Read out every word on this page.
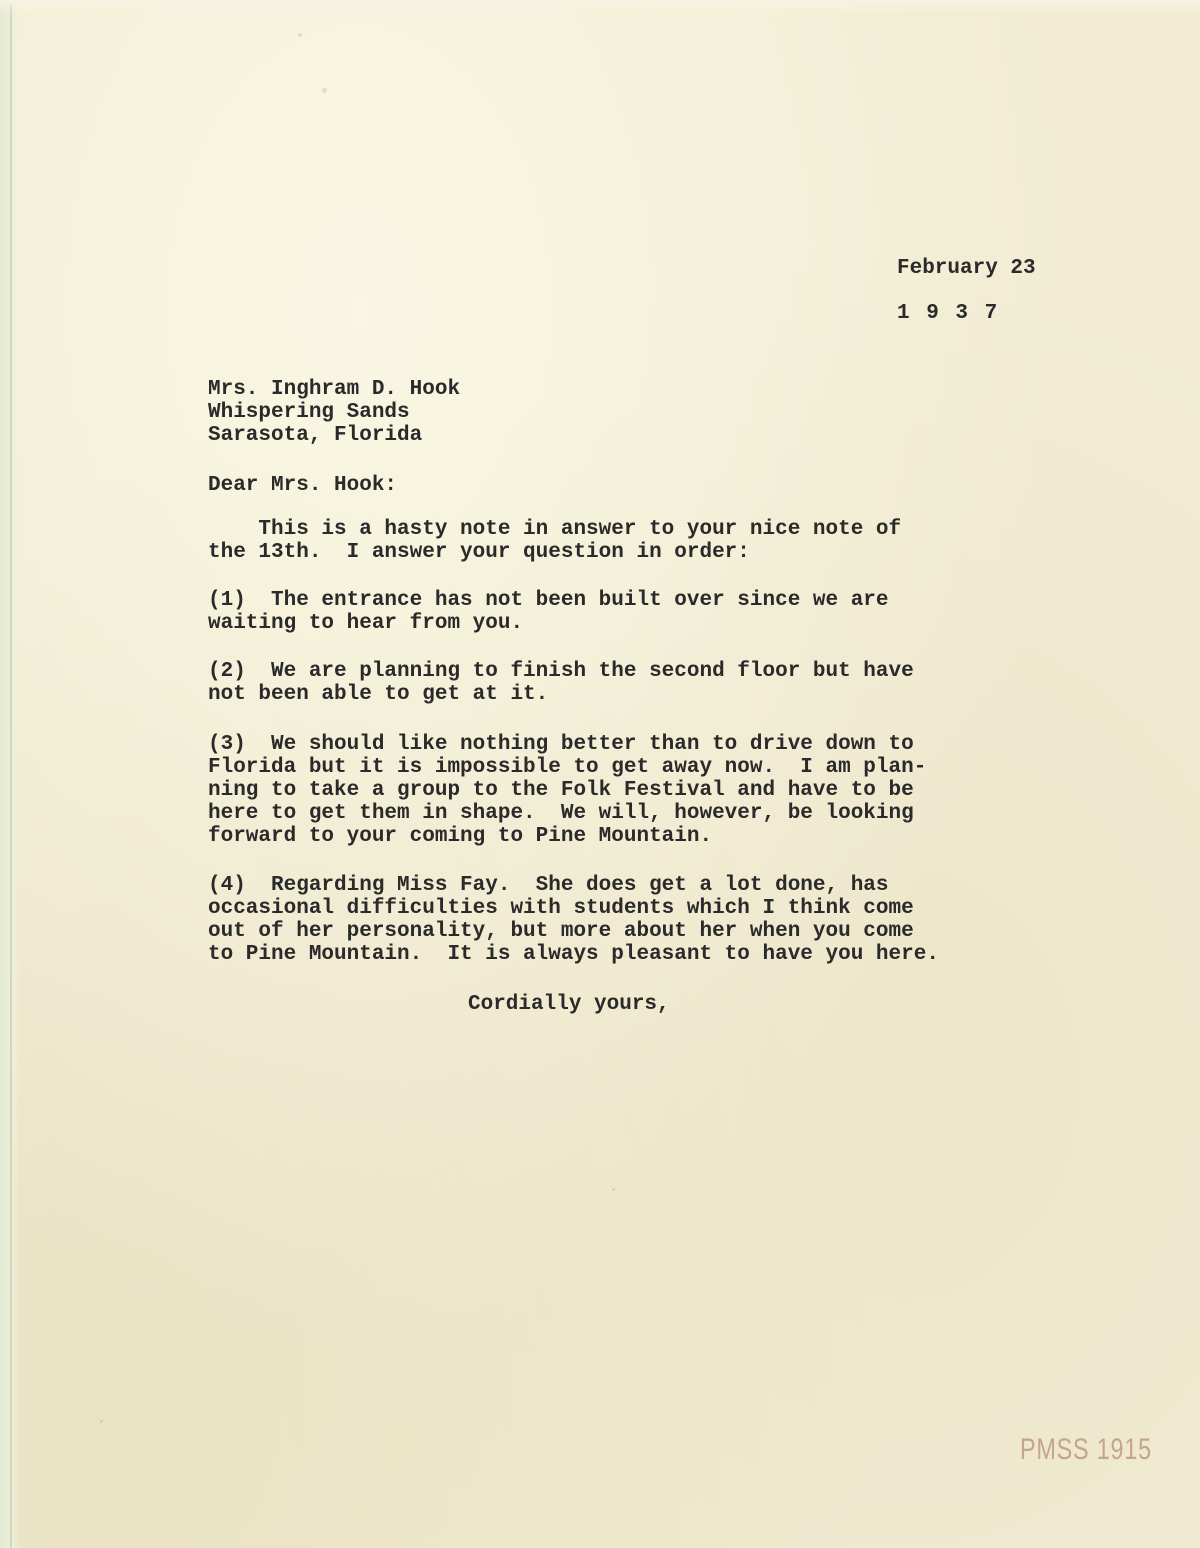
February 23
1 9 3 7
Mrs. Inghram D. Hook
Whispering Sands
Sarasota, Florida
Dear Mrs. Hook:
This is a hasty note in answer to your nice note of
the 13th.  I answer your question in order:
(1)  The entrance has not been built over since we are
waiting to hear from you.
(2)  We are planning to finish the second floor but have
not been able to get at it.
(3)  We should like nothing better than to drive down to
Florida but it is impossible to get away now.  I am plan-
ning to take a group to the Folk Festival and have to be
here to get them in shape.  We will, however, be looking
forward to your coming to Pine Mountain.
(4)  Regarding Miss Fay.  She does get a lot done, has
occasional difficulties with students which I think come
out of her personality, but more about her when you come
to Pine Mountain.  It is always pleasant to have you here.
Cordially yours,
PMSS 1915
